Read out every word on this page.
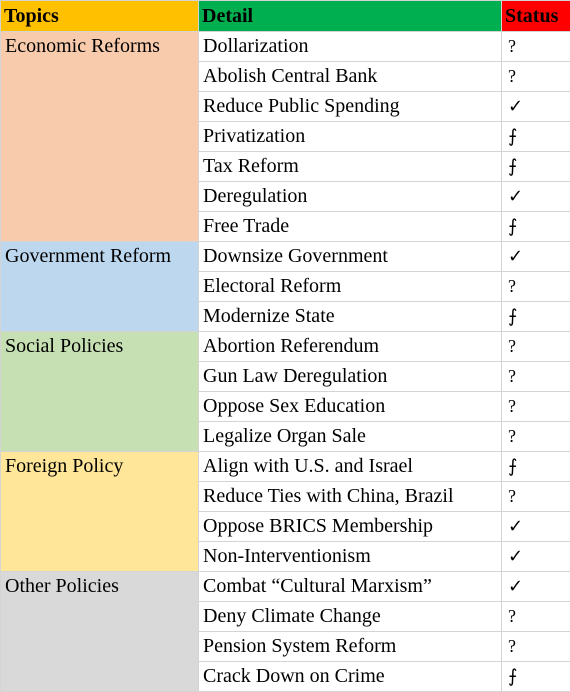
Topics	Detail	Status
Economic Reforms	Dollarization	?
	Abolish Central Bank	?
	Reduce Public Spending	✓
	Privatization	⨍
	Tax Reform	⨍
	Deregulation	✓
	Free Trade	⨍
Government Reform	Downsize Government	✓
	Electoral Reform	?
	Modernize State	⨍
Social Policies	Abortion Referendum	?
	Gun Law Deregulation	?
	Oppose Sex Education	?
	Legalize Organ Sale	?
Foreign Policy	Align with U.S. and Israel	⨍
	Reduce Ties with China, Brazil	?
	Oppose BRICS Membership	✓
	Non-Interventionism	✓
Other Policies	Combat “Cultural Marxism”	✓
	Deny Climate Change	?
	Pension System Reform	?
	Crack Down on Crime	⨍
